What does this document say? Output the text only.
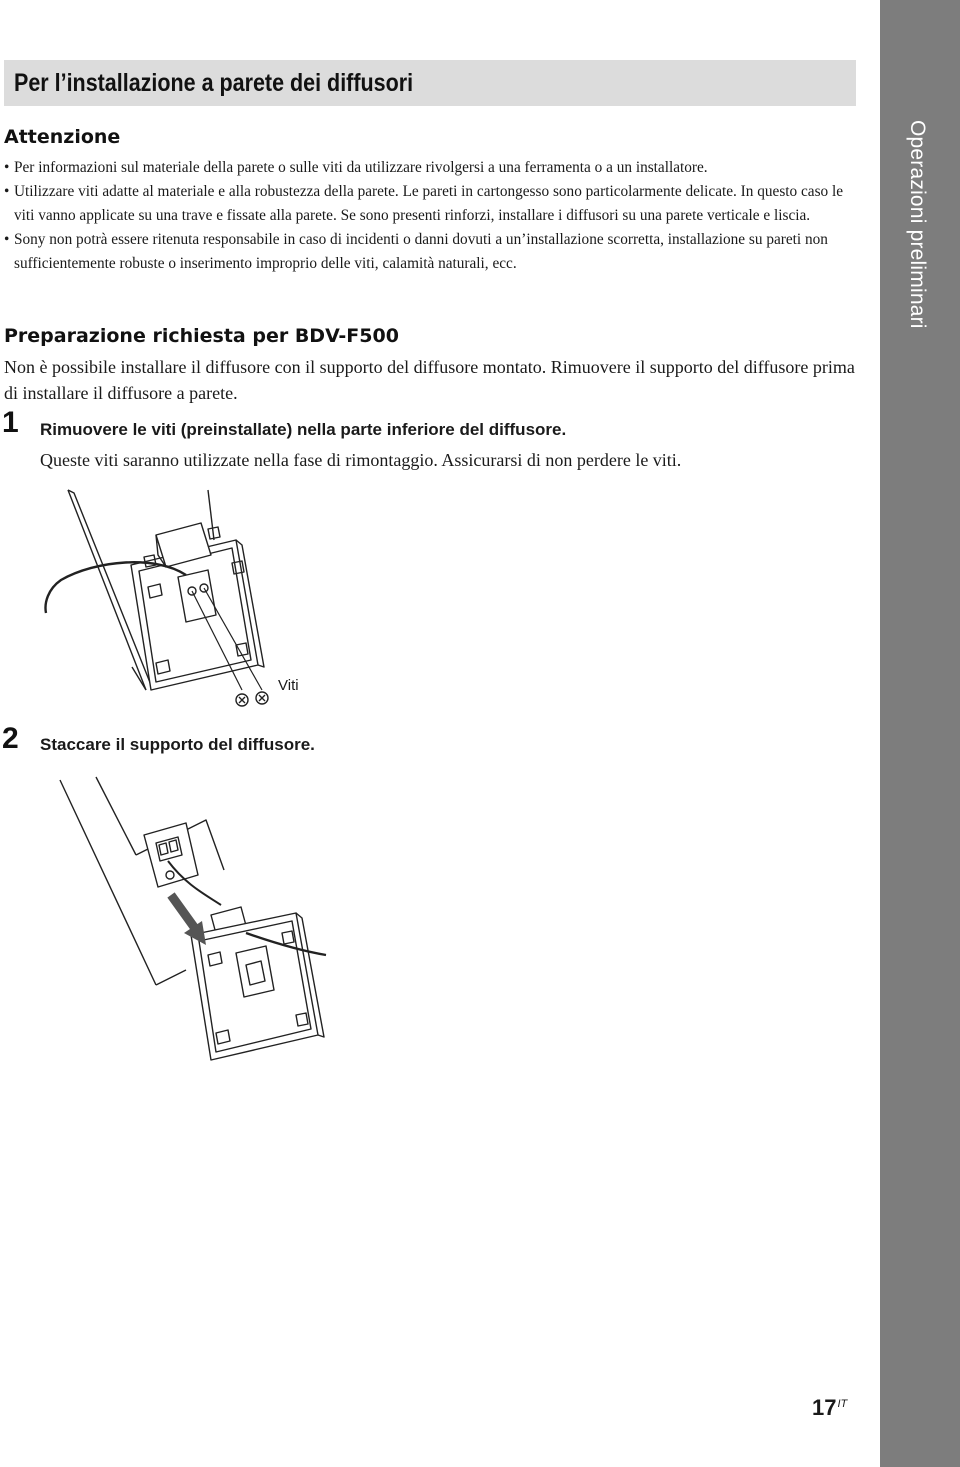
Operazioni preliminari
Per l’installazione a parete dei diffusori
Attenzione
• Per informazioni sul materiale della parete o sulle viti da utilizzare rivolgersi a una ferramenta o a un installatore.
• Utilizzare viti adatte al materiale e alla robustezza della parete. Le pareti in cartongesso sono particolarmente delicate. In questo caso le viti vanno applicate su una trave e fissate alla parete. Se sono presenti rinforzi, installare i diffusori su una parete verticale e liscia.
• Sony non potrà essere ritenuta responsabile in caso di incidenti o danni dovuti a un’installazione scorretta, installazione su pareti non sufficientemente robuste o inserimento improprio delle viti, calamità naturali, ecc.
Preparazione richiesta per BDV-F500

Non è possibile installare il diffusore con il supporto del diffusore montato. Rimuovere il supporto del diffusore prima di installare il diffusore a parete.

1 Rimuovere le viti (preinstallate) nella parte inferiore del diffusore.
Queste viti saranno utilizzate nella fase di rimontaggio. Assicurarsi di non perdere le viti.
Viti
2 Staccare il supporto del diffusore.
$17^{IT}$
